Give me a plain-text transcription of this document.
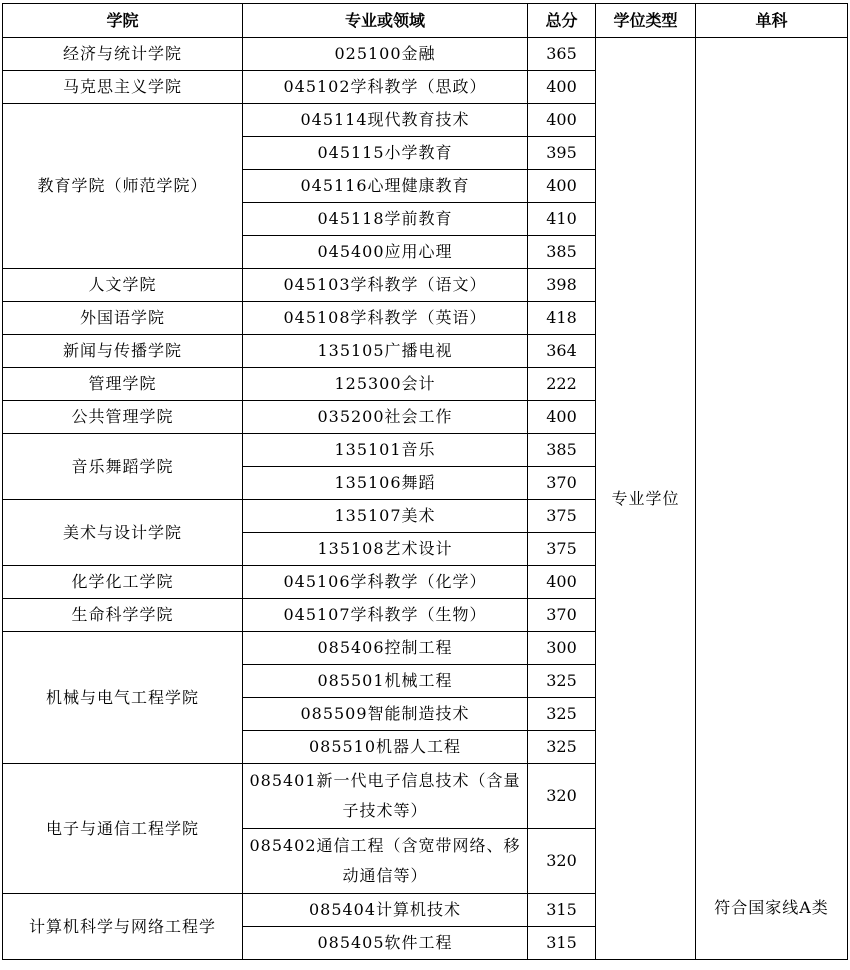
学院	专业或领域	总分	学位类型	单科
经济与统计学院	025100金融	365	专业学位	符合国家线A类
马克思主义学院	045102学科教学（思政）	400		
教育学院（师范学院）	045114现代教育技术	400		
	045115小学教育	395		
	045116心理健康教育	400		
	045118学前教育	410		
	045400应用心理	385		
人文学院	045103学科教学（语文）	398		
外国语学院	045108学科教学（英语）	418		
新闻与传播学院	135105广播电视	364		
管理学院	125300会计	222		
公共管理学院	035200社会工作	400		
音乐舞蹈学院	135101音乐	385		
	135106舞蹈	370		
美术与设计学院	135107美术	375		
	135108艺术设计	375		
化学化工学院	045106学科教学（化学）	400		
生命科学学院	045107学科教学（生物）	370		
机械与电气工程学院	085406控制工程	300		
	085501机械工程	325		
	085509智能制造技术	325		
	085510机器人工程	325		
电子与通信工程学院	085401新一代电子信息技术（含量子技术等）	320		
	085402通信工程（含宽带网络、移动通信等）	320		
计算机科学与网络工程学	085404计算机技术	315		
	085405软件工程	315		
